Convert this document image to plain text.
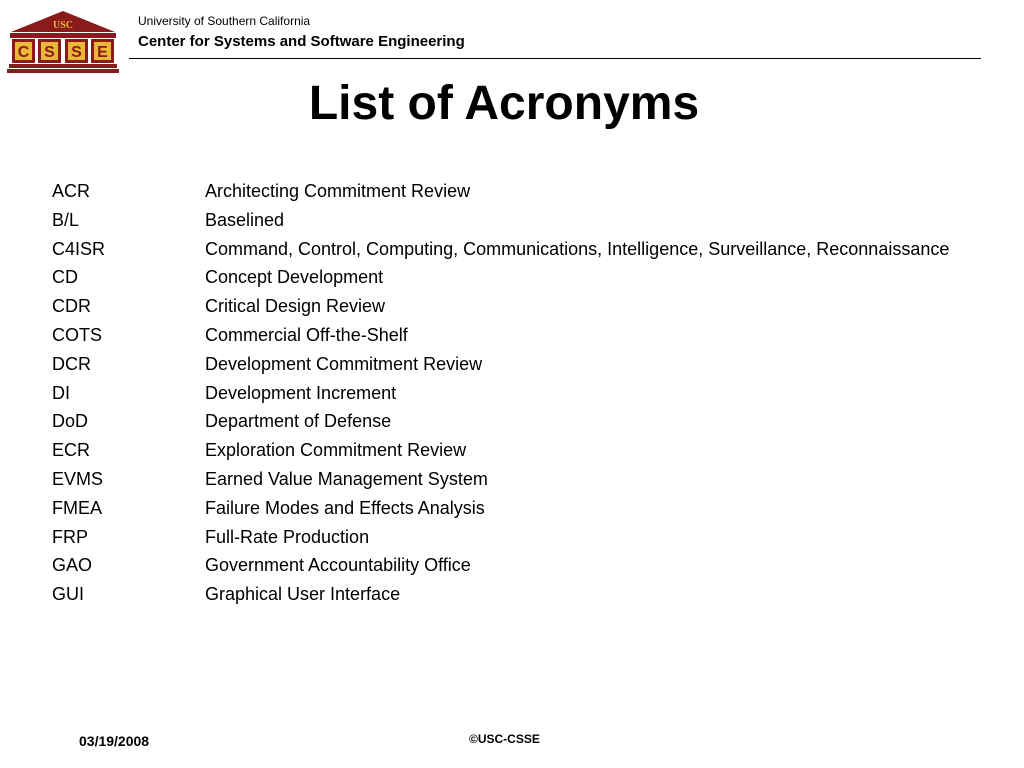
USC
C S S E
University of Southern California
Center for Systems and Software Engineering
List of Acronyms
ACR	Architecting Commitment Review
B/L	Baselined
C4ISR	Command, Control, Computing, Communications, Intelligence, Surveillance, Reconnaissance
CD	Concept Development
CDR	Critical Design Review
COTS	Commercial Off-the-Shelf
DCR	Development Commitment Review
DI	Development Increment
DoD	Department of Defense
ECR	Exploration Commitment Review
EVMS	Earned Value Management System
FMEA	Failure Modes and Effects Analysis
FRP	Full-Rate Production
GAO	Government Accountability Office
GUI	Graphical User Interface
03/19/2008	©USC-CSSE
